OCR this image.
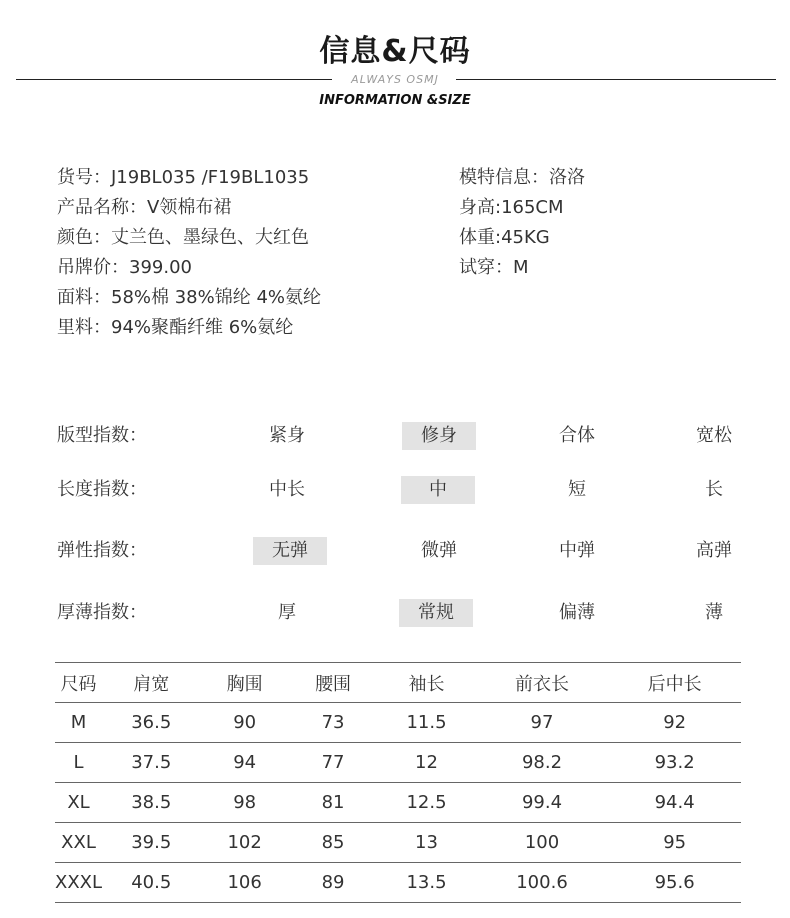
信息&尺码
ALWAYS OSMJ
INFORMATION &SIZE
货号：J19BL035 /F19BL1035
产品名称：V领棉布裙
颜色：丈兰色、墨绿色、大红色
吊牌价：399.00
面料：58%棉 38%锦纶 4%氨纶
里料：94%聚酯纤维 6%氨纶
模特信息：洛洛
身高:165CM
体重:45KG
试穿：M
版型指数：	紧身	修身	合体	宽松
长度指数：	中长	中	短	长
弹性指数：	无弹	微弹	中弹	高弹
厚薄指数：	厚	常规	偏薄	薄
尺码	肩宽	胸围	腰围	袖长	前衣长	后中长
M	36.5	90	73	11.5	97	92
L	37.5	94	77	12	98.2	93.2
XL	38.5	98	81	12.5	99.4	94.4
XXL	39.5	102	85	13	100	95
XXXL	40.5	106	89	13.5	100.6	95.6
